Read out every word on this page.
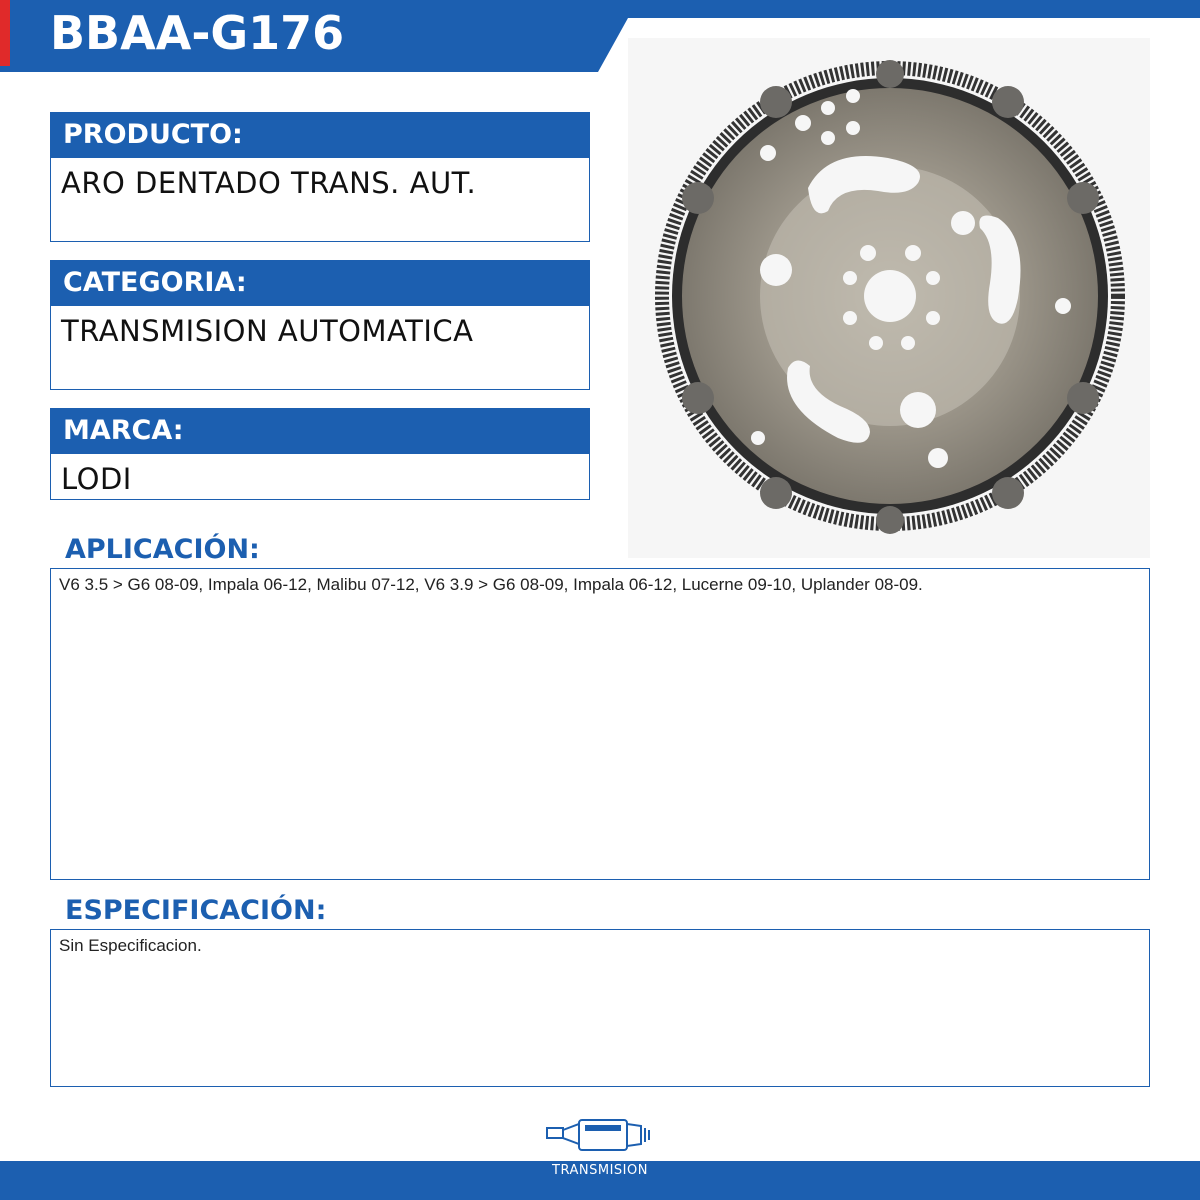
BBAA-G176
PRODUCTO:
ARO DENTADO TRANS. AUT.
CATEGORIA:
TRANSMISION AUTOMATICA
MARCA:
LODI
APLICACIÓN:
V6 3.5 > G6 08-09, Impala 06-12, Malibu 07-12, V6 3.9 > G6 08-09, Impala 06-12, Lucerne 09-10, Uplander 08-09.
ESPECIFICACIÓN:
Sin Especificacion.
TRANSMISION
